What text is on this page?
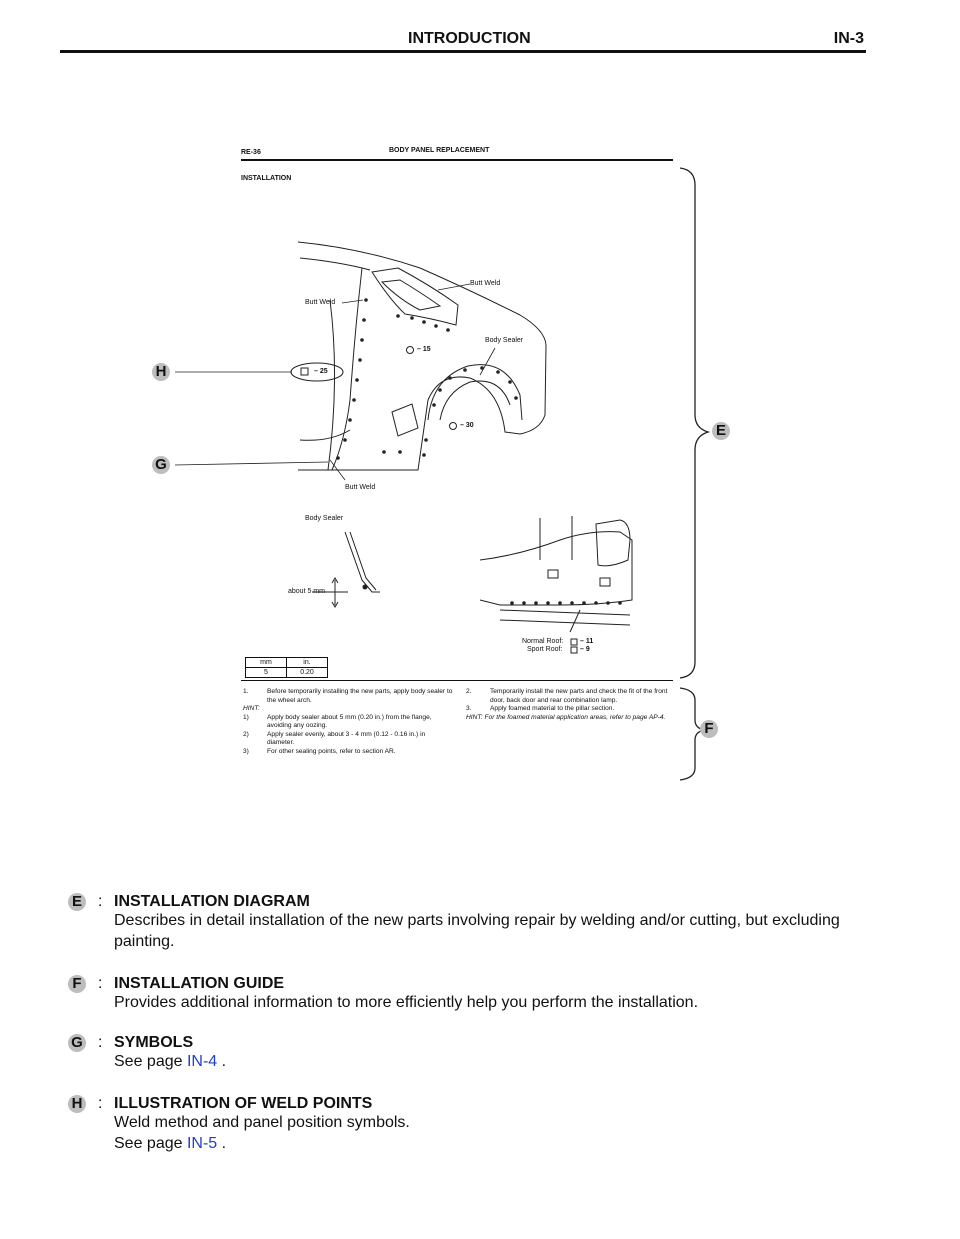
INTRODUCTION	IN-3
RE-36	BODY PANEL REPLACEMENT
INSTALLATION
Butt Weld
Butt Weld
Butt Weld
Body Sealer
Body Sealer
about 5 mm
– 25
– 15
– 30
Normal Roof:
Sport Roof:
– 11
– 9
mm	in.
5	0.20
1.	Before temporarily installing the new parts, apply body sealer to the wheel arch.
HINT:
1)	Apply body sealer about 5 mm (0.20 in.) from the flange, avoiding any oozing.
2)	Apply sealer evenly, about 3 - 4 mm (0.12 - 0.16 in.) in diameter.
3)	For other sealing points, refer to section AR.
2.	Temporarily install the new parts and check the fit of the front door, back door and rear combination lamp.
3.	Apply foamed material to the pillar section.
HINT: For the foamed material application areas, refer to page AP-4.
H
G
E
F
E : INSTALLATION DIAGRAM
Describes in detail installation of the new parts involving repair by welding and/or cutting, but excluding painting.
F : INSTALLATION GUIDE
Provides additional information to more efficiently help you perform the installation.
G : SYMBOLS
See page IN-4 .
H : ILLUSTRATION OF WELD POINTS
Weld method and panel position symbols.
See page IN-5 .
